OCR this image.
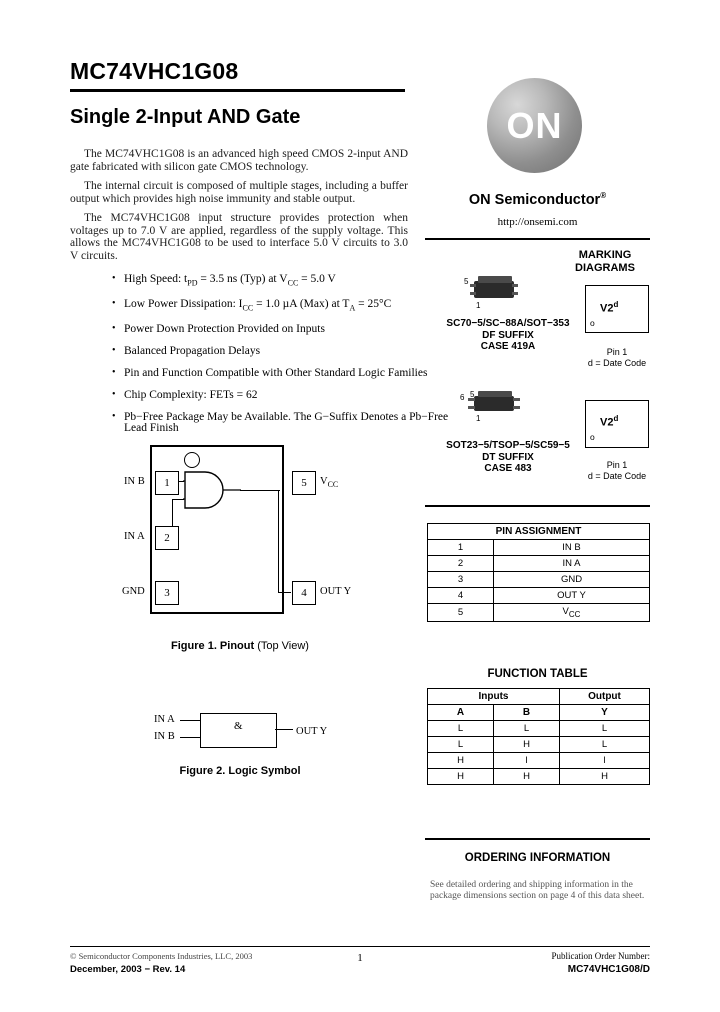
MC74VHC1G08
Single 2‑Input AND Gate
The MC74VHC1G08 is an advanced high speed CMOS 2‑input AND gate fabricated with silicon gate CMOS technology.
The internal circuit is composed of multiple stages, including a buffer output which provides high noise immunity and stable output.
The MC74VHC1G08 input structure provides protection when voltages up to 7.0 V are applied, regardless of the supply voltage. This allows the MC74VHC1G08 to be used to interface 5.0 V circuits to 3.0 V circuits.
• High Speed: $t_{PD} = 3.5$ ns (Typ) at $V_{CC} = 5.0$ V
• Low Power Dissipation: $I_{CC} = 1.0$ µA (Max) at $T_A = 25^\circ C$
• Power Down Protection Provided on Inputs
• Balanced Propagation Delays
• Pin and Function Compatible with Other Standard Logic Families
• Chip Complexity: FETs = 62
• Pb−Free Package May be Available. The G−Suffix Denotes a Pb−Free Lead Finish
1
2
3
5
4
IN B
IN A
GND
$V_{CC}$
OUT Y
Figure 1. Pinout (Top View)
&
IN A
IN B	OUT Y
Figure 2. Logic Symbol
ON
ON Semiconductor®
http://onsemi.com
MARKING
DIAGRAMS
5
1
SC70−5/SC−88A/SOT−353
DF SUFFIX
CASE 419A
V2$^d$
o
Pin 1
d = Date Code
6 5
1
SOT23−5/TSOP−5/SC59−5
DT SUFFIX
CASE 483
V2$^d$
o
Pin 1
d = Date Code
PIN ASSIGNMENT	
1	IN B
2	IN A
3	GND
4	OUT Y
5	$V_{CC}$
FUNCTION TABLE
Inputs		Output
A	B	Y
L	L	L
L	H	L
H	l	l
H	H	H
ORDERING INFORMATION
See detailed ordering and shipping information in the package dimensions section on page 4 of this data sheet.
© Semiconductor Components Industries, LLC, 2003
December, 2003 − Rev. 14
1	Publication Order Number:
MC74VHC1G08/D
